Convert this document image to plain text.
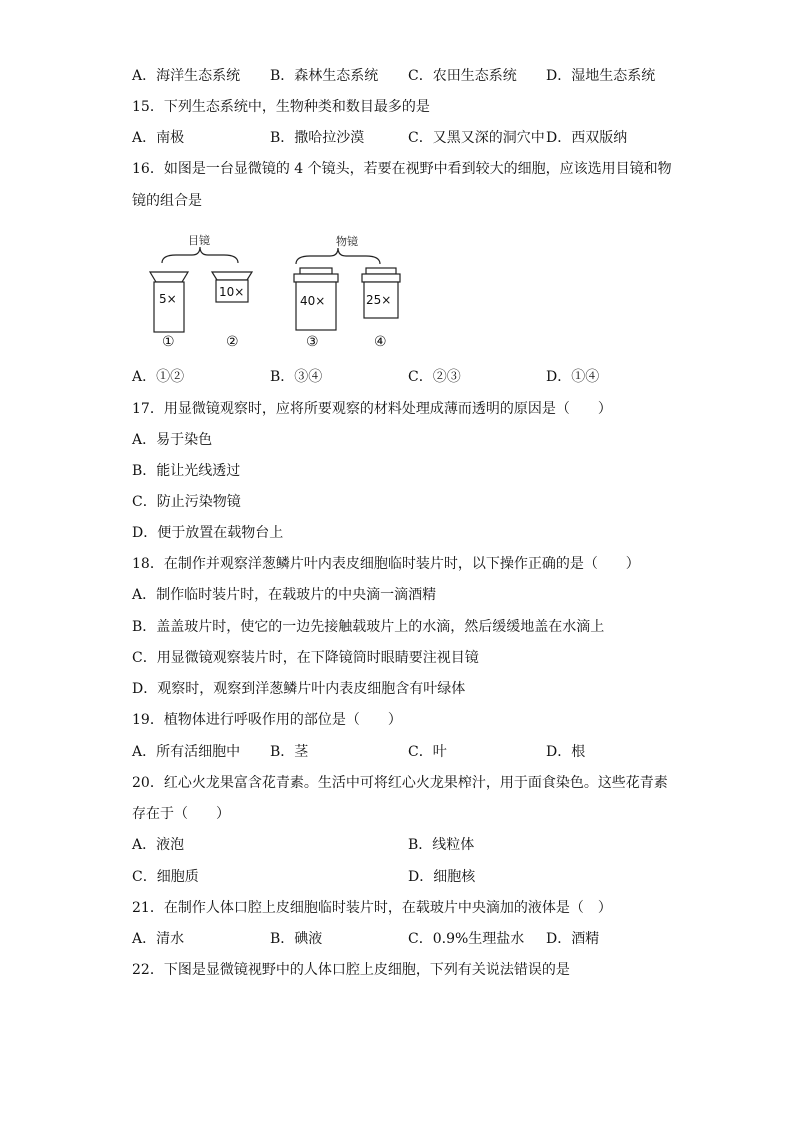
A．海洋生态系统 B．森林生态系统 C．农田生态系统 D．湿地生态系统
15．下列生态系统中，生物种类和数目最多的是
A．南极	B．撒哈拉沙漠	C．又黑又深的洞穴中 D．西双版纳
16．如图是一台显微镜的 4 个镜头，若要在视野中看到较大的细胞，应该选用目镜和物
镜的组合是
目镜	物镜
5×	10×
40×	25×
①	②	③	④
A．①②	B．③④	C．②③	D．①④
17．用显微镜观察时，应将所要观察的材料处理成薄而透明的原因是（　　）
A．易于染色
B．能让光线透过
C．防止污染物镜
D．便于放置在载物台上
18．在制作并观察洋葱鳞片叶内表皮细胞临时装片时，以下操作正确的是（　　）
A．制作临时装片时，在载玻片的中央滴一滴酒精
B．盖盖玻片时，使它的一边先接触载玻片上的水滴，然后缓缓地盖在水滴上
C．用显微镜观察装片时，在下降镜筒时眼睛要注视目镜
D．观察时，观察到洋葱鳞片叶内表皮细胞含有叶绿体
19．植物体进行呼吸作用的部位是（　　）
A．所有活细胞中 B．茎	C．叶	D．根
20．红心火龙果富含花青素。生活中可将红心火龙果榨汁，用于面食染色。这些花青素
存在于（　　）
A．液泡	B．线粒体
C．细胞质	D．细胞核
21．在制作人体口腔上皮细胞临时装片时，在载玻片中央滴加的液体是（　）
A．清水	B．碘液	C．0.9%生理盐水 D．酒精
22．下图是显微镜视野中的人体口腔上皮细胞，下列有关说法错误的是
